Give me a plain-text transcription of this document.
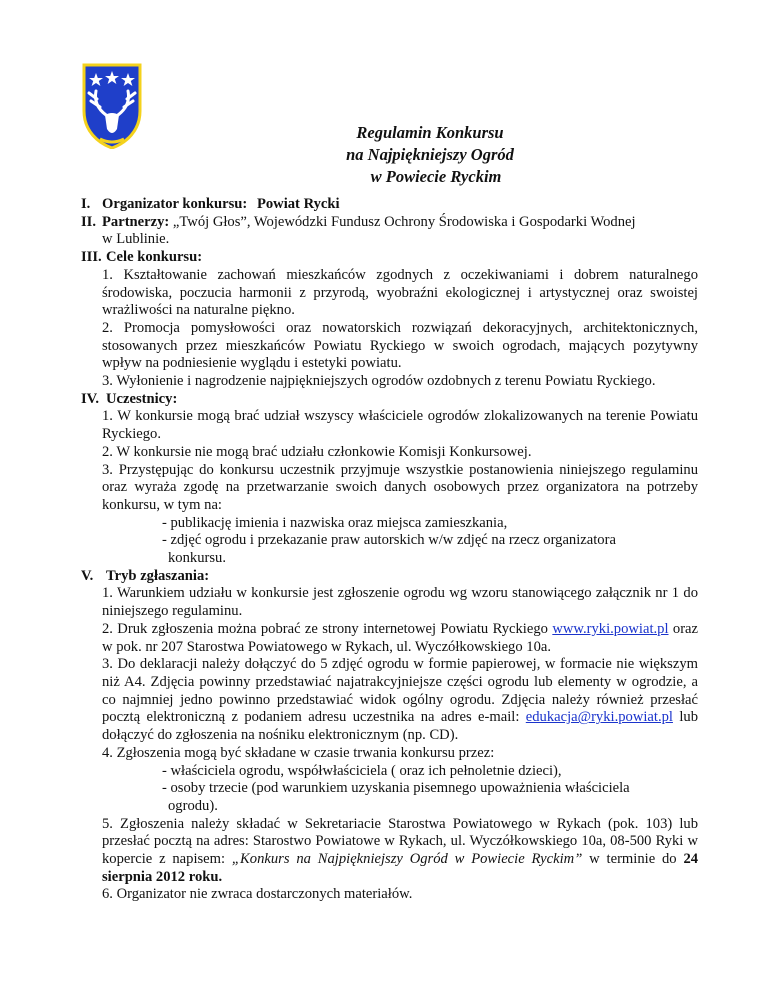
Regulamin Konkursu
na Najpiękniejszy Ogród
w Powiecie Ryckim
I. Organizator konkursu: Powiat Rycki
II. Partnerzy: „Twój Głos”, Wojewódzki Fundusz Ochrony Środowiska i Gospodarki Wodnej
w Lublinie.
III. Cele konkursu:
1. Kształtowanie zachowań mieszkańców zgodnych z oczekiwaniami i dobrem naturalnego środowiska, poczucia harmonii z przyrodą, wyobraźni ekologicznej i artystycznej oraz swoistej wrażliwości na naturalne piękno.
2. Promocja pomysłowości oraz nowatorskich rozwiązań dekoracyjnych, architektonicznych, stosowanych przez mieszkańców Powiatu Ryckiego w swoich ogrodach, mających pozytywny wpływ na podniesienie wyglądu i estetyki powiatu.
3. Wyłonienie i nagrodzenie najpiękniejszych ogrodów ozdobnych z terenu Powiatu Ryckiego.
IV. Uczestnicy:
1. W konkursie mogą brać udział wszyscy właściciele ogrodów zlokalizowanych na terenie Powiatu Ryckiego.
2. W konkursie nie mogą brać udziału członkowie Komisji Konkursowej.
3. Przystępując do konkursu uczestnik przyjmuje wszystkie postanowienia niniejszego regulaminu oraz wyraża zgodę na przetwarzanie swoich danych osobowych przez organizatora na potrzeby konkursu, w tym na:
- publikację imienia i nazwiska oraz miejsca zamieszkania,
- zdjęć ogrodu i przekazanie praw autorskich w/w zdjęć na rzecz organizatora
konkursu.
V. Tryb zgłaszania:
1. Warunkiem udziału w konkursie jest zgłoszenie ogrodu wg wzoru stanowiącego załącznik nr 1 do niniejszego regulaminu.
2. Druk zgłoszenia można pobrać ze strony internetowej Powiatu Ryckiego www.ryki.powiat.pl oraz w pok. nr 207 Starostwa Powiatowego w Rykach, ul. Wyczółkowskiego 10a.
3. Do deklaracji należy dołączyć do 5 zdjęć ogrodu w formie papierowej, w formacie nie większym niż A4. Zdjęcia powinny przedstawiać najatrakcyjniejsze części ogrodu lub elementy w ogrodzie, a co najmniej jedno powinno przedstawiać widok ogólny ogrodu. Zdjęcia należy również przesłać pocztą elektroniczną z podaniem adresu uczestnika na adres e-mail: edukacja@ryki.powiat.pl lub dołączyć do zgłoszenia na nośniku elektronicznym (np. CD).
4. Zgłoszenia mogą być składane w czasie trwania konkursu przez:
- właściciela ogrodu, współwłaściciela ( oraz ich pełnoletnie dzieci),
- osoby trzecie (pod warunkiem uzyskania pisemnego upoważnienia właściciela
ogrodu).
5. Zgłoszenia należy składać w Sekretariacie Starostwa Powiatowego w Rykach (pok. 103) lub przesłać pocztą na adres: Starostwo Powiatowe w Rykach, ul. Wyczółkowskiego 10a, 08-500 Ryki w kopercie z napisem: „Konkurs na Najpiękniejszy Ogród w Powiecie Ryckim” w terminie do 24 sierpnia 2012 roku.
6. Organizator nie zwraca dostarczonych materiałów.
